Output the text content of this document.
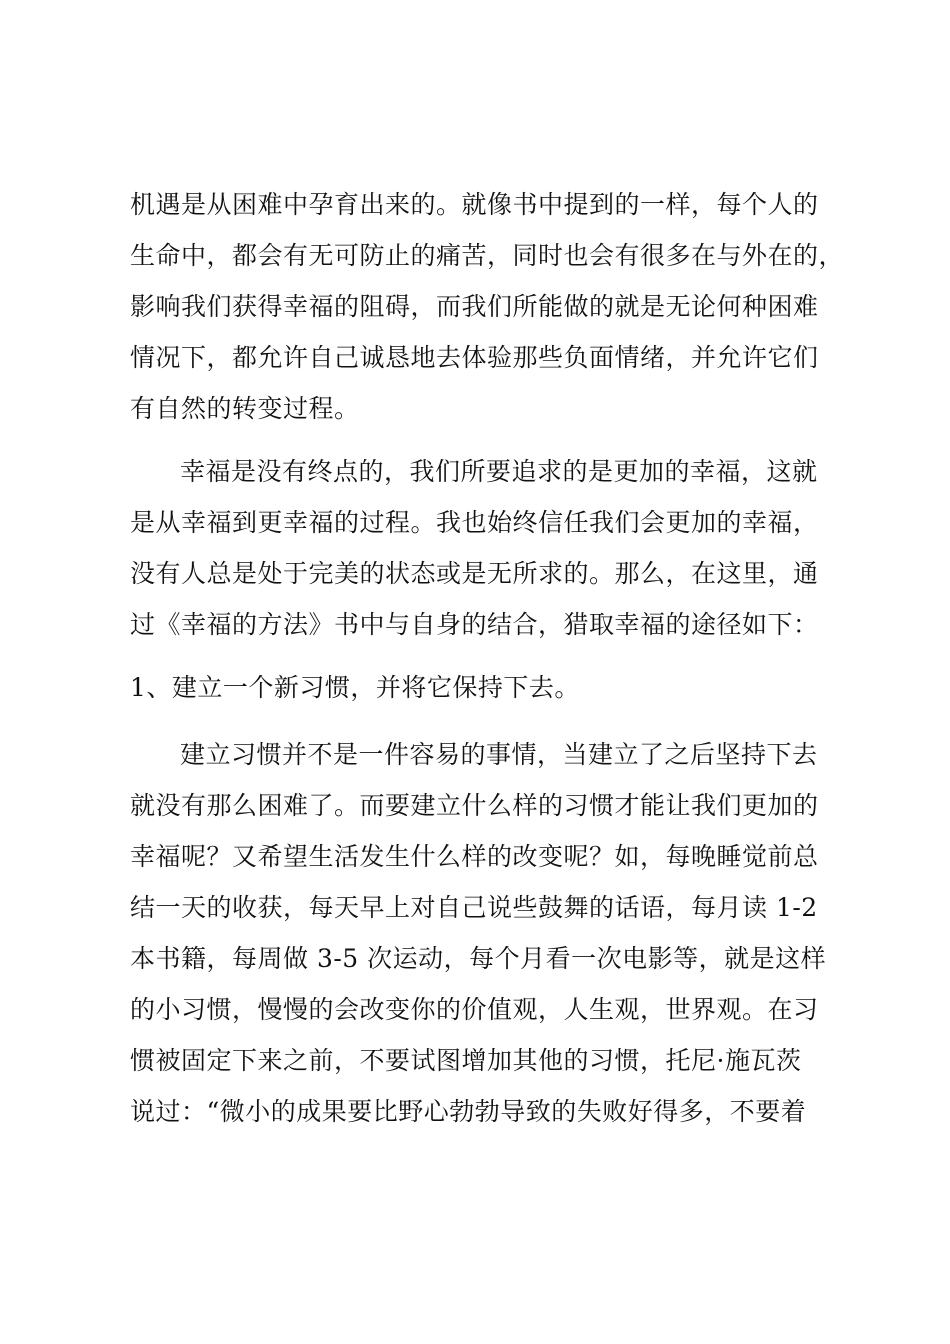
机遇是从困难中孕育出来的。就像书中提到的一样，每个人的
生命中，都会有无可防止的痛苦，同时也会有很多在与外在的，
影响我们获得幸福的阻碍，而我们所能做的就是无论何种困难
情况下，都允许自己诚恳地去体验那些负面情绪，并允许它们
有自然的转变过程。
幸福是没有终点的，我们所要追求的是更加的幸福，这就
是从幸福到更幸福的过程。我也始终信任我们会更加的幸福，
没有人总是处于完美的状态或是无所求的。那么，在这里，通
过《幸福的方法》书中与自身的结合，猎取幸福的途径如下：
1、建立一个新习惯，并将它保持下去。
建立习惯并不是一件容易的事情，当建立了之后坚持下去
就没有那么困难了。而要建立什么样的习惯才能让我们更加的
幸福呢？又希望生活发生什么样的改变呢？如，每晚睡觉前总
结一天的收获，每天早上对自己说些鼓舞的话语，每月读 1-2
本书籍，每周做 3-5 次运动，每个月看一次电影等，就是这样
的小习惯，慢慢的会改变你的价值观，人生观，世界观。在习
惯被固定下来之前，不要试图增加其他的习惯，托尼·施瓦茨
说过：“微小的成果要比野心勃勃导致的失败好得多，不要着
